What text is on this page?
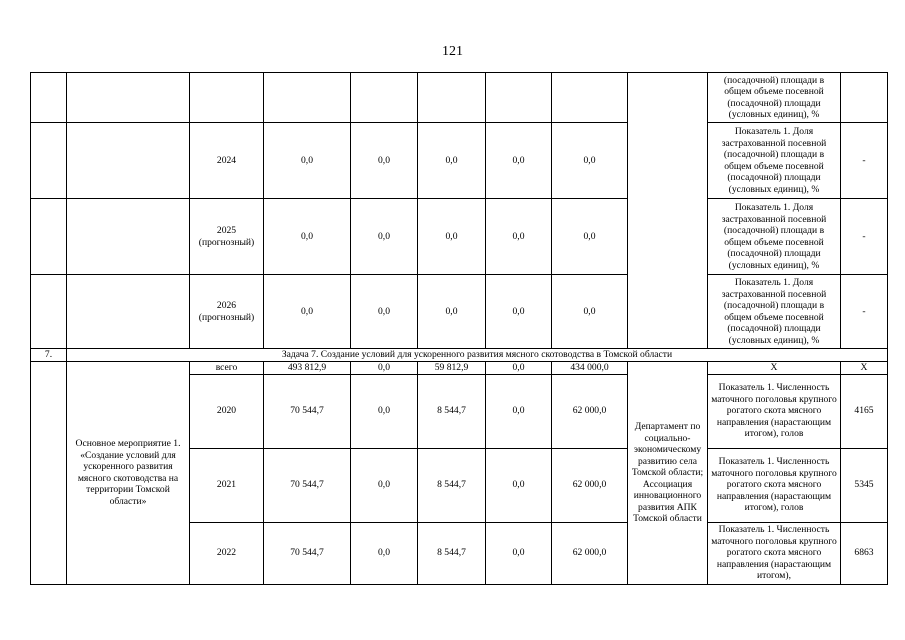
121
									(посадочной) площади в общем объеме посевной (посадочной) площади (условных единиц), %	
		2024	0,0	0,0	0,0	0,0	0,0		Показатель 1. Доля застрахованной посевной (посадочной) площади в общем объеме посевной (посадочной) площади (условных единиц), %	-
		2025 (прогнозный)	0,0	0,0	0,0	0,0	0,0		Показатель 1. Доля застрахованной посевной (посадочной) площади в общем объеме посевной (посадочной) площади (условных единиц), %	-
		2026 (прогнозный)	0,0	0,0	0,0	0,0	0,0		Показатель 1. Доля застрахованной посевной (посадочной) площади в общем объеме посевной (посадочной) площади (условных единиц), %	-
7.	Задача 7. Создание условий для ускоренного развития мясного скотоводства в Томской области									
	Основное мероприятие 1. «Создание условий для ускоренного развития мясного скотоводства на территории Томской области»	всего	493 812,9	0,0	59 812,9	0,0	434 000,0	Департамент по социально-экономическому развитию села Томской области; Ассоциация инновационного развития АПК Томской области	Х	Х
		2020	70 544,7	0,0	8 544,7	0,0	62 000,0		Показатель 1. Численность маточного поголовья крупного рогатого скота мясного направления (нарастающим итогом), голов	4165
		2021	70 544,7	0,0	8 544,7	0,0	62 000,0		Показатель 1. Численность маточного поголовья крупного рогатого скота мясного направления (нарастающим итогом), голов	5345
		2022	70 544,7	0,0	8 544,7	0,0	62 000,0		Показатель 1. Численность маточного поголовья крупного рогатого скота мясного направления (нарастающим итогом),	6863
